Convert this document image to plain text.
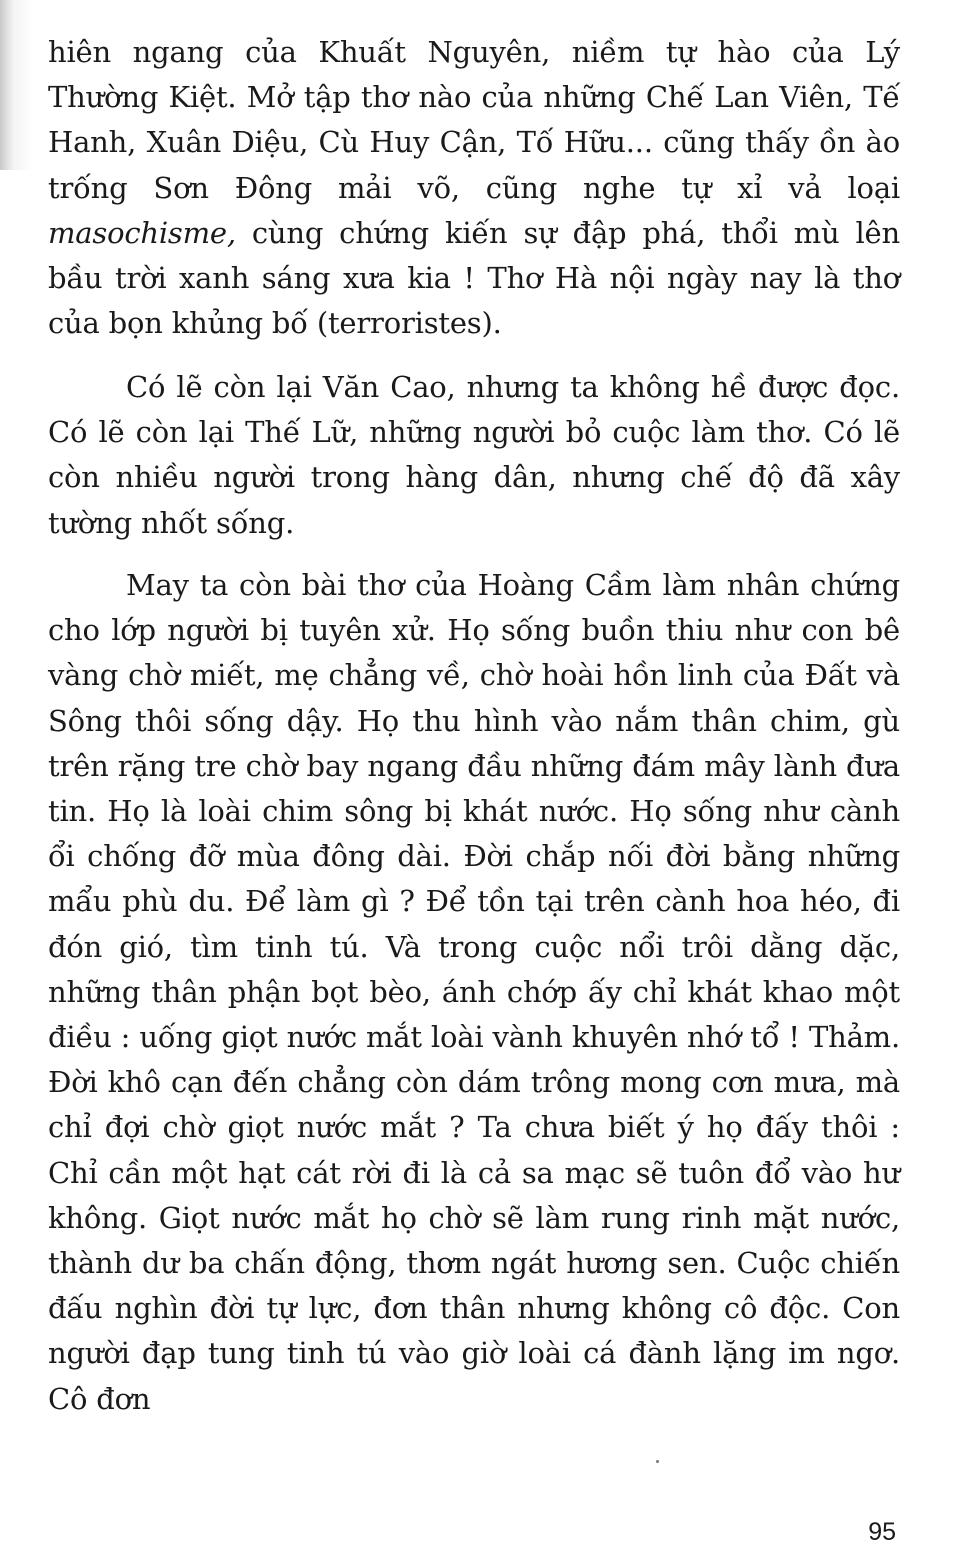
hiên ngang của Khuất Nguyên, niềm tự hào của Lý Thường Kiệt. Mở tập thơ nào của những Chế Lan Viên, Tế Hanh, Xuân Diệu, Cù Huy Cận, Tố Hữu... cũng thấy ồn ào trống Sơn Đông mải võ, cũng nghe tự xỉ vả loại masochisme, cùng chứng kiến sự đập phá, thổi mù lên bầu trời xanh sáng xưa kia ! Thơ Hà nội ngày nay là thơ của bọn khủng bố (terroristes).

Có lẽ còn lại Văn Cao, nhưng ta không hề được đọc. Có lẽ còn lại Thế Lữ, những người bỏ cuộc làm thơ. Có lẽ còn nhiều người trong hàng dân, nhưng chế độ đã xây tường nhốt sống.

May ta còn bài thơ của Hoàng Cầm làm nhân chứng cho lớp người bị tuyên xử. Họ sống buồn thiu như con bê vàng chờ miết, mẹ chẳng về, chờ hoài hồn linh của Đất và Sông thôi sống dậy. Họ thu hình vào nắm thân chim, gù trên rặng tre chờ bay ngang đầu những đám mây lành đưa tin. Họ là loài chim sông bị khát nước. Họ sống như cành ổi chống đỡ mùa đông dài. Đời chắp nối đời bằng những mẩu phù du. Để làm gì ? Để tồn tại trên cành hoa héo, đi đón gió, tìm tinh tú. Và trong cuộc nổi trôi dằng dặc, những thân phận bọt bèo, ánh chớp ấy chỉ khát khao một điều : uống giọt nước mắt loài vành khuyên nhớ tổ ! Thảm. Đời khô cạn đến chẳng còn dám trông mong cơn mưa, mà chỉ đợi chờ giọt nước mắt ? Ta chưa biết ý họ đấy thôi : Chỉ cần một hạt cát rời đi là cả sa mạc sẽ tuôn đổ vào hư không. Giọt nước mắt họ chờ sẽ làm rung rinh mặt nước, thành dư ba chấn động, thơm ngát hương sen. Cuộc chiến đấu nghìn đời tự lực, đơn thân nhưng không cô độc. Con người đạp tung tinh tú vào giờ loài cá đành lặng im ngơ. Cô đơn

95
